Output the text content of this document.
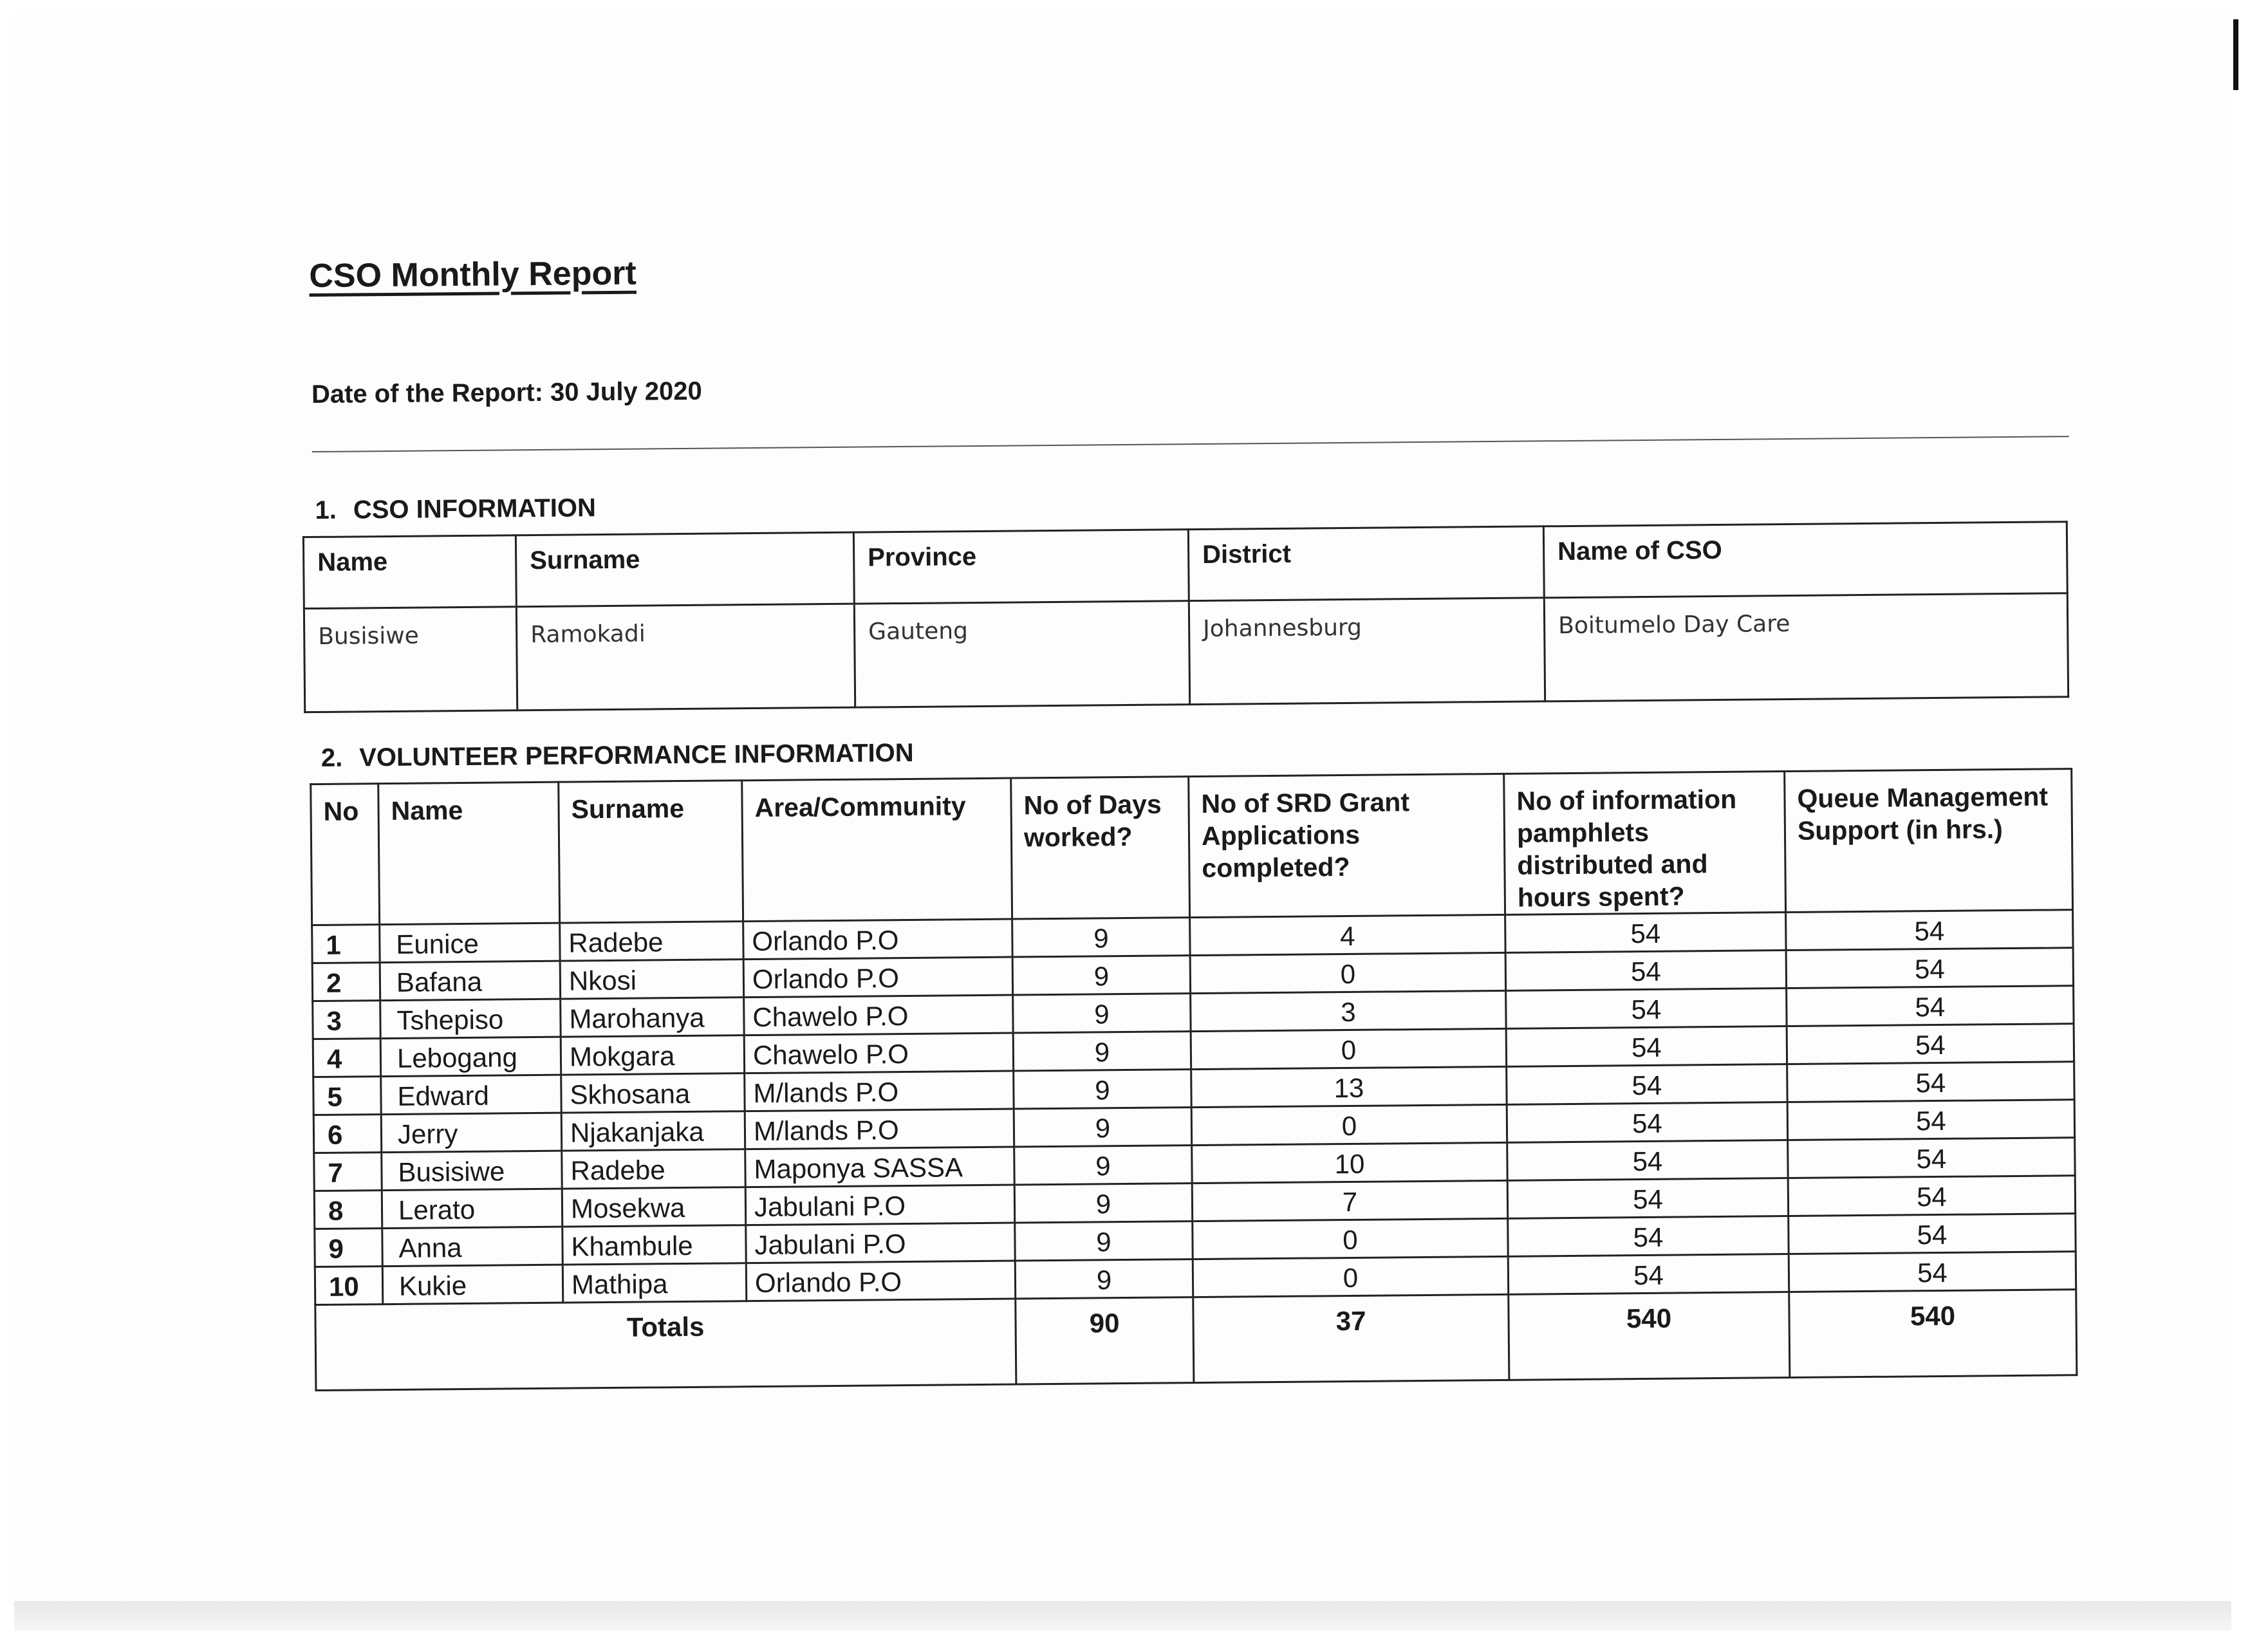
CSO Monthly Report
Date of the Report: 30 July 2020
1. CSO INFORMATION
Name	Surname	Province	District	Name of CSO
Busisiwe	Ramokadi	Gauteng	Johannesburg	Boitumelo Day Care
2. VOLUNTEER PERFORMANCE INFORMATION
No	Name	Surname	Area/Community	No of Days worked?	No of SRD Grant Applications completed?	No of information pamphlets distributed and hours spent?	Queue Management Support (in hrs.)
1	Eunice	Radebe	Orlando P.O	9	4	54	54
2	Bafana	Nkosi	Orlando P.O	9	0	54	54
3	Tshepiso	Marohanya	Chawelo P.O	9	3	54	54
4	Lebogang	Mokgara	Chawelo P.O	9	0	54	54
5	Edward	Skhosana	M/lands P.O	9	13	54	54
6	Jerry	Njakanjaka	M/lands P.O	9	0	54	54
7	Busisiwe	Radebe	Maponya SASSA	9	10	54	54
8	Lerato	Mosekwa	Jabulani P.O	9	7	54	54
9	Anna	Khambule	Jabulani P.O	9	0	54	54
10	Kukie	Mathipa	Orlando P.O	9	0	54	54
Totals				90	37	540	540
